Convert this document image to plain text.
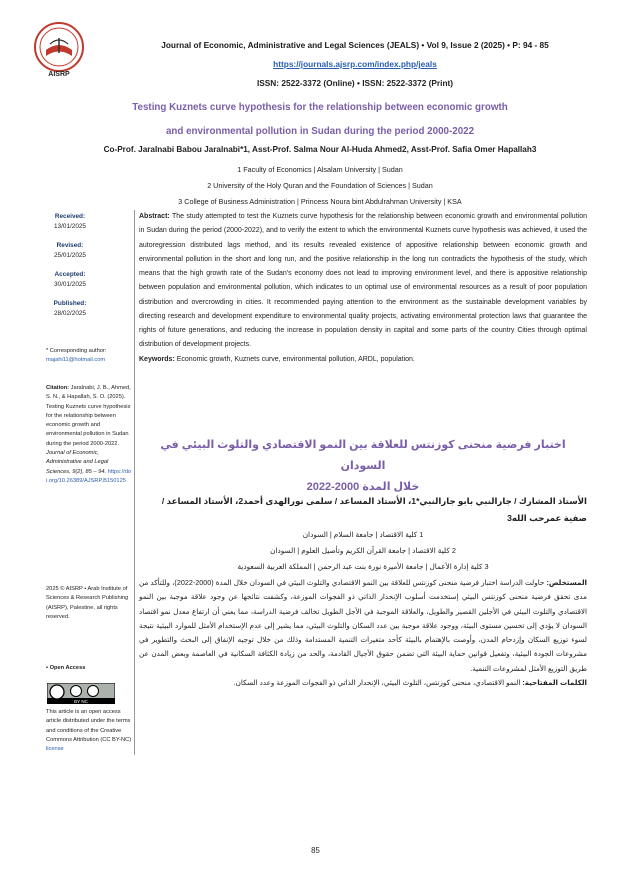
AISRP
Journal of Economic, Administrative and Legal Sciences (JEALS) • Vol 9, Issue 2 (2025) • P: 94 - 85
https://journals.ajsrp.com/index.php/jeals
ISSN: 2522-3372 (Online) • ISSN: 2522-3372 (Print)
Testing Kuznets curve hypothesis for the relationship between economic growth
and environmental pollution in Sudan during the period 2000-2022
Co-Prof. Jaralnabi Babou Jaralnabi*1, Asst-Prof. Salma Nour Al-Huda Ahmed2, Asst-Prof. Safia Omer Hapallah3
1 Faculty of Economics | Alsalam University | Sudan
2 University of the Holy Quran and the Foundation of Sciences | Sudan
3 College of Business Administration | Princess Noura bint Abdulrahman University | KSA
Received:
13/01/2025
Revised:
25/01/2025
Accepted:
30/01/2025
Published:
28/02/2025
* Corresponding author:
majahi11@hotmail.com
Citation: Jaralnabi, J. B., Ahmed, S. N., & Hapallah, S. O. (2025). Testing Kuznets curve hypothesis for the relationship between economic growth and environmental pollution in Sudan during the period 2000-2022. Journal of Economic, Administrative and Legal Sciences, 9(2), 85 – 94. https://doi.org/10.26389/AJSRP.B150125
2025 © AISRP • Arab Institute of Sciences & Research Publishing (AISRP), Palestine, all rights reserved.
• Open Access
BY NC
This article is an open access article distributed under the terms and conditions of the Creative Commons Attribution (CC BY-NC) license
Abstract: The study attempted to test the Kuznets curve hypothesis for the relationship between economic growth and environmental pollution in Sudan during the period (2000-2022), and to verify the extent to which the environmental Kuznets curve hypothesis was achieved, it used the autoregression distributed lags method, and its results revealed existence of appositive relationship between economic growth and environmental pollution in the short and long run, and the positive relationship in the long run contradicts the hypothesis of the study, which means that the high growth rate of the Sudan's economy does not lead to improving environment level, and there is appositive relationship between population and environmental pollution, which indicates to un optimal use of environmental resources as a result of poor population distribution and overcrowding in cities. It recommended paying attention to the environment as the sustainable development variables by directing research and development expenditure to environmental quality projects, activating environmental protection laws that guarantee the rights of future generations, and reducing the increase in population density in capital and some parts of the country Cities through optimal distribution of development projects.
Keywords: Economic growth, Kuznets curve, environmental pollution, ARDL, population.
اختبار فرضية منحنى كوزنتس للعلاقة بين النمو الاقتصادي والتلوث البيئي في السودان
خلال المدة 2000-2022
الأستاذ المشارك / جارالنبي بابو جارالنبي*1، الأستاذ المساعد / سلمى نورالهدى أحمد2، الأستاذ المساعد / صفية عمرحب الله3
1 كلية الاقتصاد | جامعة السلام | السودان
2 كلية الاقتصاد | جامعة القرآن الكريم وتأصيل العلوم | السودان
3 كلية إدارة الأعمال | جامعة الأميرة نورة بنت عبد الرحمن | المملكة العربية السعودية
المستخلص: حاولت الدراسة اختبار فرضية منحنى كوزنتس للعلاقة بين النمو الاقتصادي والتلوث البيئي في السودان خلال المدة (2000-2022)، وللتأكد من مدى تحقق فرضية منحنى كوزنتس البيئي إستخدمت أسلوب الإنحدار الذاتي ذو الفجوات الموزعة، وكشفت نتائجها عن وجود علاقة موجبة بين النمو الاقتصادي والتلوث البيئي في الأجلين القصير والطويل، والعلاقة الموجبة في الأجل الطويل تخالف فرضية الدراسة، مما يعني أن ارتفاع معدل نمو اقتصاد السودان لا يؤدي إلى تحسين مستوى البيئة، ووجود علاقة موجبة بين عدد السكان والتلوث البيئي، مما يشير إلى عدم الإستخدام الأمثل للموارد البيئية نتيجة لسوء توزيع السكان وإزدحام المدن، وأوصت بالإهتمام بالبيئة كأحد متغيرات التنمية المستدامة وذلك من خلال توجيه الإنفاق إلى البحث والتطوير في مشروعات الجودة البيئية، وتفعيل قوانين حماية البيئة التي تضمن حقوق الأجيال القادمة، والحد من زيادة الكثافة السكانية في العاصمة وبعض المدن عن طريق التوزيع الأمثل لمشروعات التنمية.
الكلمات المفتاحية: النمو الاقتصادي، منحنى كوزنتس، التلوث البيئي، الإنحدار الذاتي ذو الفجوات الموزعة وعدد السكان.
85
